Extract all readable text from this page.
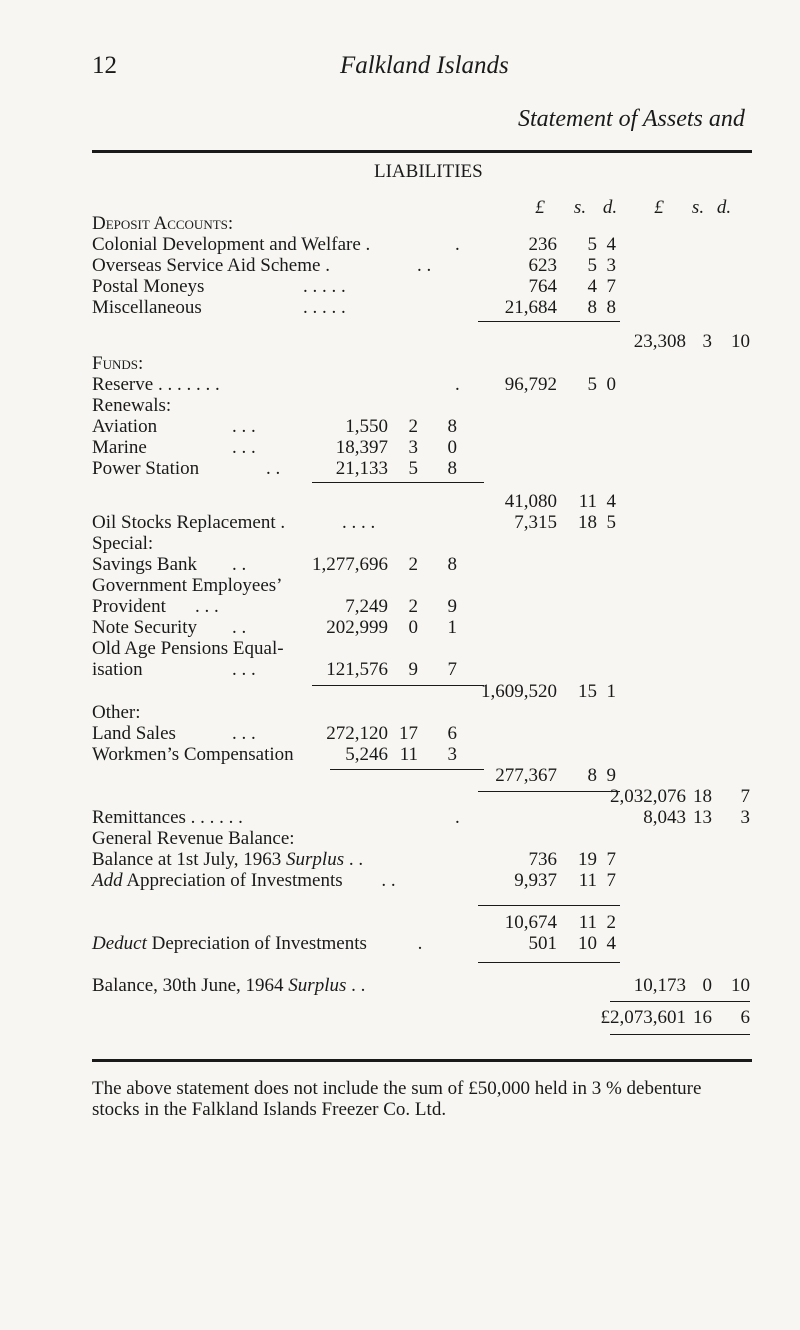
12	Falkland Islands
Statement of Assets and
LIABILITIES
£ s. d. £ s. d.
Deposit Accounts:
Colonial Development and Welfare .	.	236	5 4
Overseas Service Aid Scheme .	. .	623	5 3
Postal Moneys	. . . . .	764	4 7
Miscellaneous	. . . . .	21,684	8 8
23,308 3	10
Funds:
Reserve . . . . . . .	.	96,792	5 0
Renewals:
Aviation	. . .	1,550	2	8
Marine	. . .	18,397	3	0
Power Station	. .	21,133	5	8
41,080 11 4
Oil Stocks Replacement .	. . . .	7,315 18 5
Special:
Savings Bank . .	1,277,696	2	8
Government Employees’
Provident . . .	7,249	2	9
Note Security . .	202,999	0	1
Old Age Pensions Equal-
isation	. . .	121,576	9	7
1,609,520 15 1
Other:
Land Sales	. . .	272,120 17	6
Workmen’s Compensation	5,246 11	3
277,367	8 9
2,032,076 18	7
Remittances . . . . . .	.	8,043 13	3
General Revenue Balance:
Balance at 1st July, 1963 Surplus . .	736 19 7
Add Appreciation of Investments . .	9,937 11 7
10,674 11 2
Deduct Depreciation of Investments	.	501 10 4
Balance, 30th June, 1964 Surplus . .	10,173 0	10
£2,073,601 16	6
The above statement does not include the sum of £50,000 held in 3 % debenture
stocks in the Falkland Islands Freezer Co. Ltd.
